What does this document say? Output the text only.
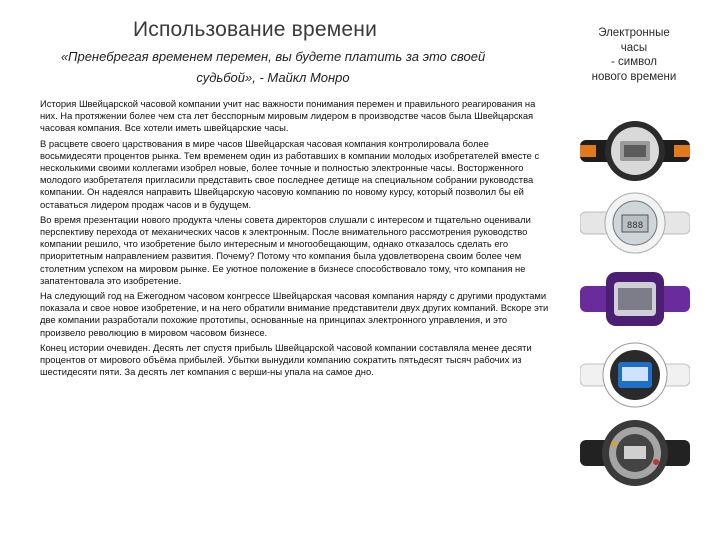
Использование времени
«Пренебрегая временем перемен, вы будете платить за это своей судьбой», - Майкл Монро

История Швейцарской часовой компании учит нас важности понимания перемен и правильного реагирования на них. На протяжении более чем ста лет бесспорным мировым лидером в производстве часов была Швейцарская часовая компания. Все хотели иметь швейцарские часы.

В расцвете своего царствования в мире часов Швейцарская часовая компания контролировала более восьмидесяти процентов рынка. Тем временем один из работавших в компании молодых изобретателей вместе с несколькими своими коллегами изобрел новые, более точные и полностью электронные часы. Восторженного молодого изобретателя пригласили представить свое последнее детище на специальном собрании руководства компании. Он надеялся направить Швейцарскую часовую компанию по новому курсу, который позволил бы ей оставаться лидером продаж часов и в будущем.

Во время презентации нового продукта члены совета директоров слушали с интересом и тщательно оценивали перспективу перехода от механических часов к электронным. После внимательного рассмотрения руководство компании решило, что изобретение было интересным и многообещающим, однако отказалось сделать его приоритетным направлением развития. Почему? Потому что компания была удовлетворена своим более чем столетним успехом на мировом рынке. Ее уютное положение в бизнесе способствовало тому, что компания не запатентовала это изобретение.

На следующий год на Ежегодном часовом конгрессе Швейцарская часовая компания наряду с другими продуктами показала и свое новое изобретение, и на него обратили внимание представители двух других компаний. Вскоре эти две компании разработали похожие прототипы, основанные на принципах электронного управления, и это произвело революцию в мировом часовом бизнесе.

Конец истории очевиден. Десять лет спустя прибыль Швейцарской часовой компании составляла менее десяти процентов от мирового объёма прибылей. Убытки вынудили компанию сократить пятьдесят тысяч рабочих из шестидесяти пяти. За десять лет компания с верши-ны упала на самое дно.

Электронные
часы
- символ
нового времени
888
